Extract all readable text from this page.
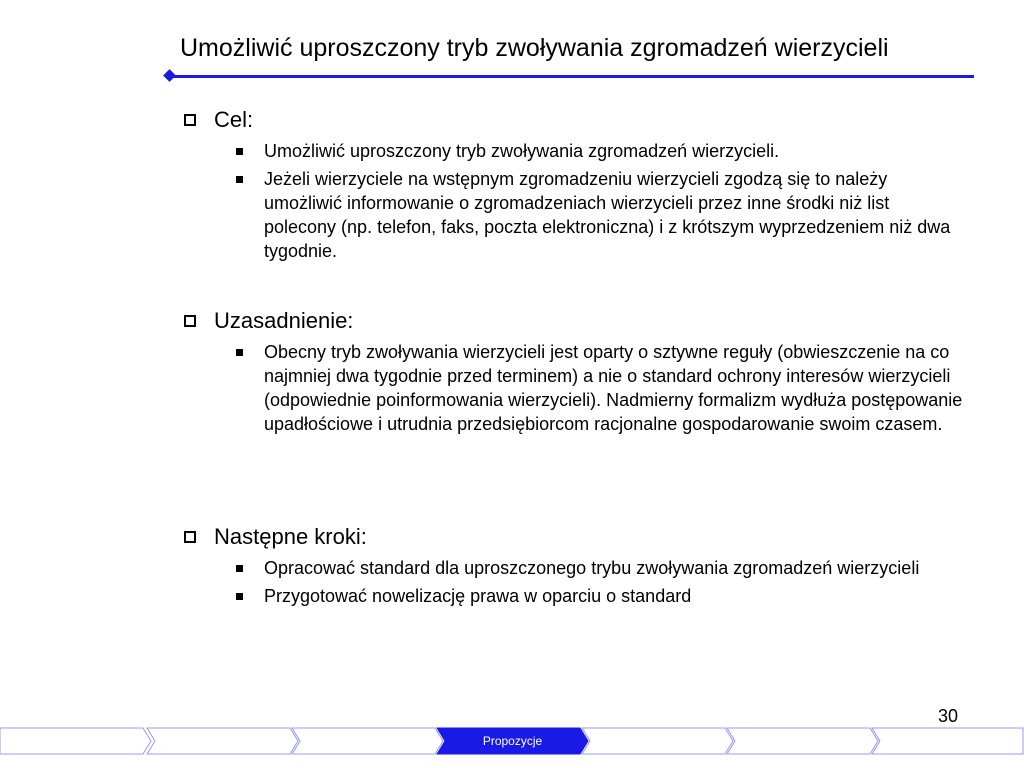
Umożliwić uproszczony tryb zwoływania zgromadzeń wierzycieli
Cel:
Umożliwić uproszczony tryb zwoływania zgromadzeń wierzycieli.
Jeżeli wierzyciele na wstępnym zgromadzeniu wierzycieli zgodzą się to należy umożliwić informowanie o zgromadzeniach wierzycieli przez inne środki niż list polecony (np. telefon, faks, poczta elektroniczna) i z krótszym wyprzedzeniem niż dwa tygodnie.
Uzasadnienie:
Obecny tryb zwoływania wierzycieli jest oparty o sztywne reguły (obwieszczenie na co najmniej dwa tygodnie przed terminem) a nie o standard ochrony interesów wierzycieli (odpowiednie poinformowania wierzycieli). Nadmierny formalizm wydłuża postępowanie upadłościowe i utrudnia przedsiębiorcom racjonalne gospodarowanie swoim czasem.
Następne kroki:
Opracować standard dla uproszczonego trybu zwoływania zgromadzeń wierzycieli
Przygotować nowelizację prawa w oparciu o standard
30
Propozycje
